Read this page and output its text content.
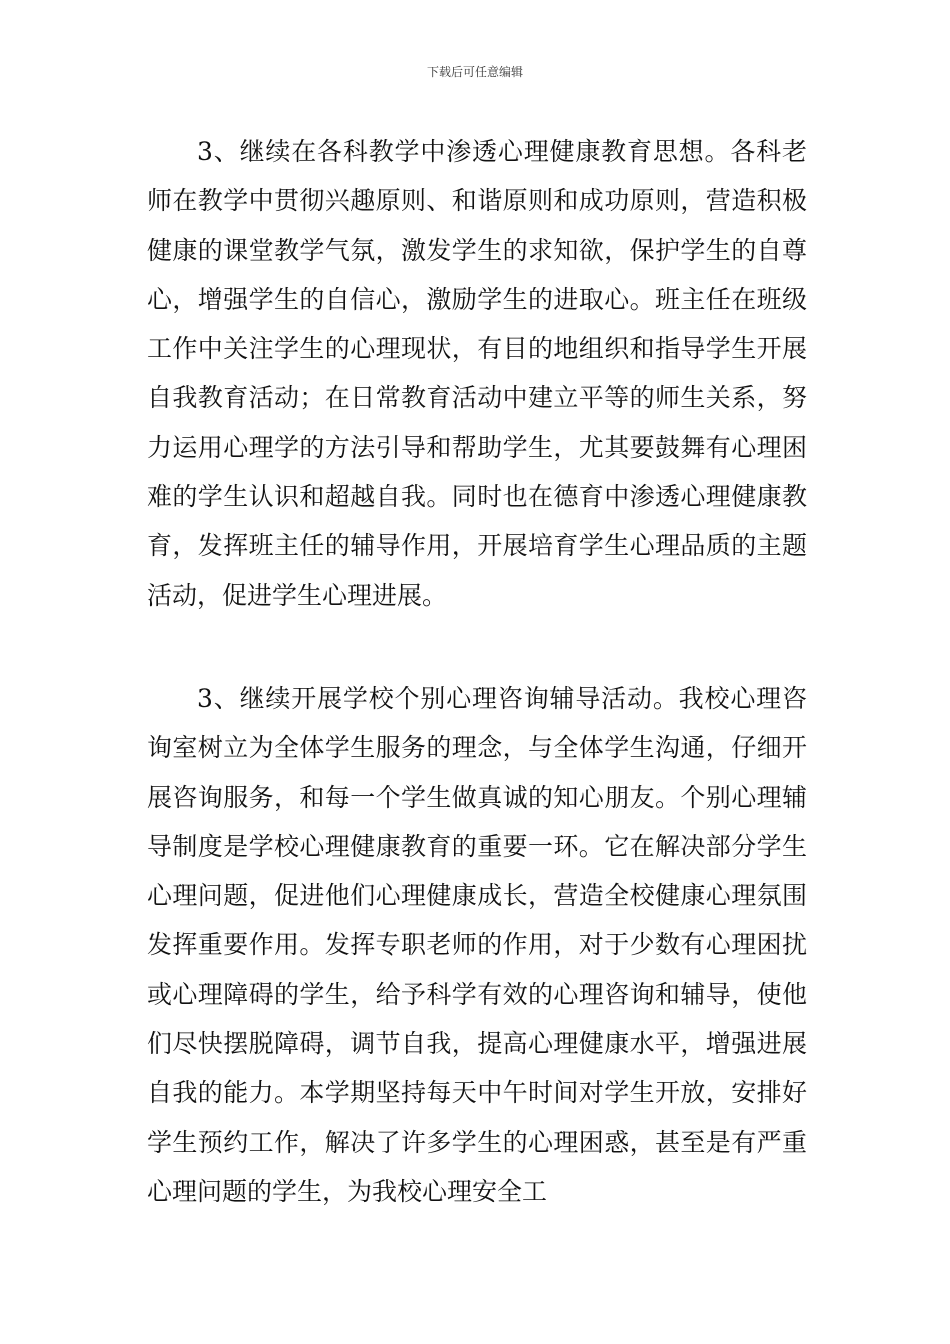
下载后可任意编辑

3、继续在各科教学中渗透心理健康教育思想。各科老师在教学中贯彻兴趣原则、和谐原则和成功原则，营造积极健康的课堂教学气氛，激发学生的求知欲，保护学生的自尊心，增强学生的自信心，激励学生的进取心。班主任在班级工作中关注学生的心理现状，有目的地组织和指导学生开展自我教育活动；在日常教育活动中建立平等的师生关系，努力运用心理学的方法引导和帮助学生，尤其要鼓舞有心理困难的学生认识和超越自我。同时也在德育中渗透心理健康教育，发挥班主任的辅导作用，开展培育学生心理品质的主题活动，促进学生心理进展。

3、继续开展学校个别心理咨询辅导活动。我校心理咨询室树立为全体学生服务的理念，与全体学生沟通，仔细开展咨询服务，和每一个学生做真诚的知心朋友。个别心理辅导制度是学校心理健康教育的重要一环。它在解决部分学生心理问题，促进他们心理健康成长，营造全校健康心理氛围发挥重要作用。发挥专职老师的作用，对于少数有心理困扰或心理障碍的学生，给予科学有效的心理咨询和辅导，使他们尽快摆脱障碍，调节自我，提高心理健康水平，增强进展自我的能力。本学期坚持每天中午时间对学生开放，安排好学生预约工作，解决了许多学生的心理困惑，甚至是有严重心理问题的学生，为我校心理安全工
